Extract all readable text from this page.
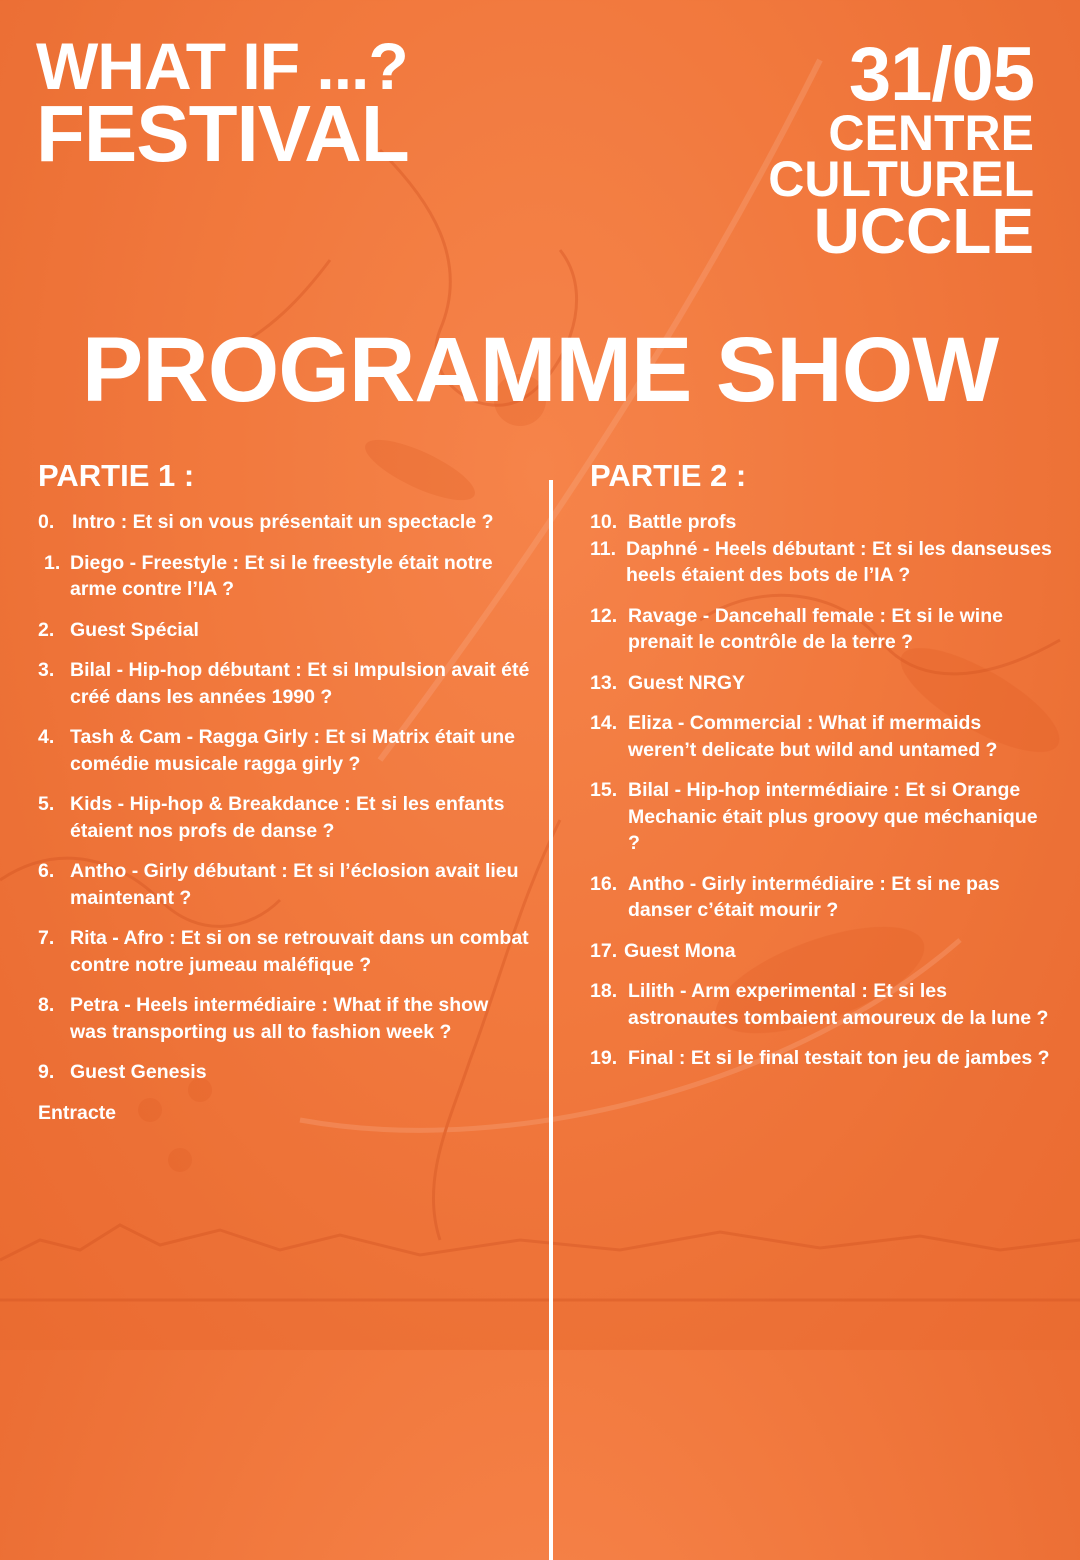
WHAT IF ...?
FESTIVAL
31/05
CENTRE
CULTUREL
UCCLE
PROGRAMME SHOW
PARTIE 1 :
0. Intro : Et si on vous présentait un spectacle ?
1. Diego - Freestyle : Et si le freestyle était notre arme contre l’IA ?
2. Guest Spécial
3. Bilal - Hip-hop débutant : Et si Impulsion avait été créé dans les années 1990 ?
4. Tash & Cam - Ragga Girly : Et si Matrix était une comédie musicale ragga girly ?
5. Kids - Hip-hop & Breakdance : Et si les enfants étaient nos profs de danse ?
6. Antho - Girly débutant : Et si l’éclosion avait lieu maintenant ?
7. Rita - Afro : Et si on se retrouvait dans un combat contre notre jumeau maléfique ?
8. Petra - Heels intermédiaire : What if the show was transporting us all to fashion week ?
9. Guest Genesis
Entracte
PARTIE 2 :
10. Battle profs
11. Daphné - Heels débutant : Et si les danseuses heels étaient des bots de l’IA ?
12. Ravage - Dancehall female : Et si le wine prenait le contrôle de la terre ?
13. Guest NRGY
14. Eliza - Commercial : What if mermaids weren’t delicate but wild and untamed ?
15. Bilal - Hip-hop intermédiaire : Et si Orange Mechanic était plus groovy que méchanique ?
16. Antho - Girly intermédiaire : Et si ne pas danser c’était mourir ?
17. Guest Mona
18. Lilith - Arm experimental : Et si les astronautes tombaient amoureux de la lune ?
19. Final : Et si le final testait ton jeu de jambes ?
